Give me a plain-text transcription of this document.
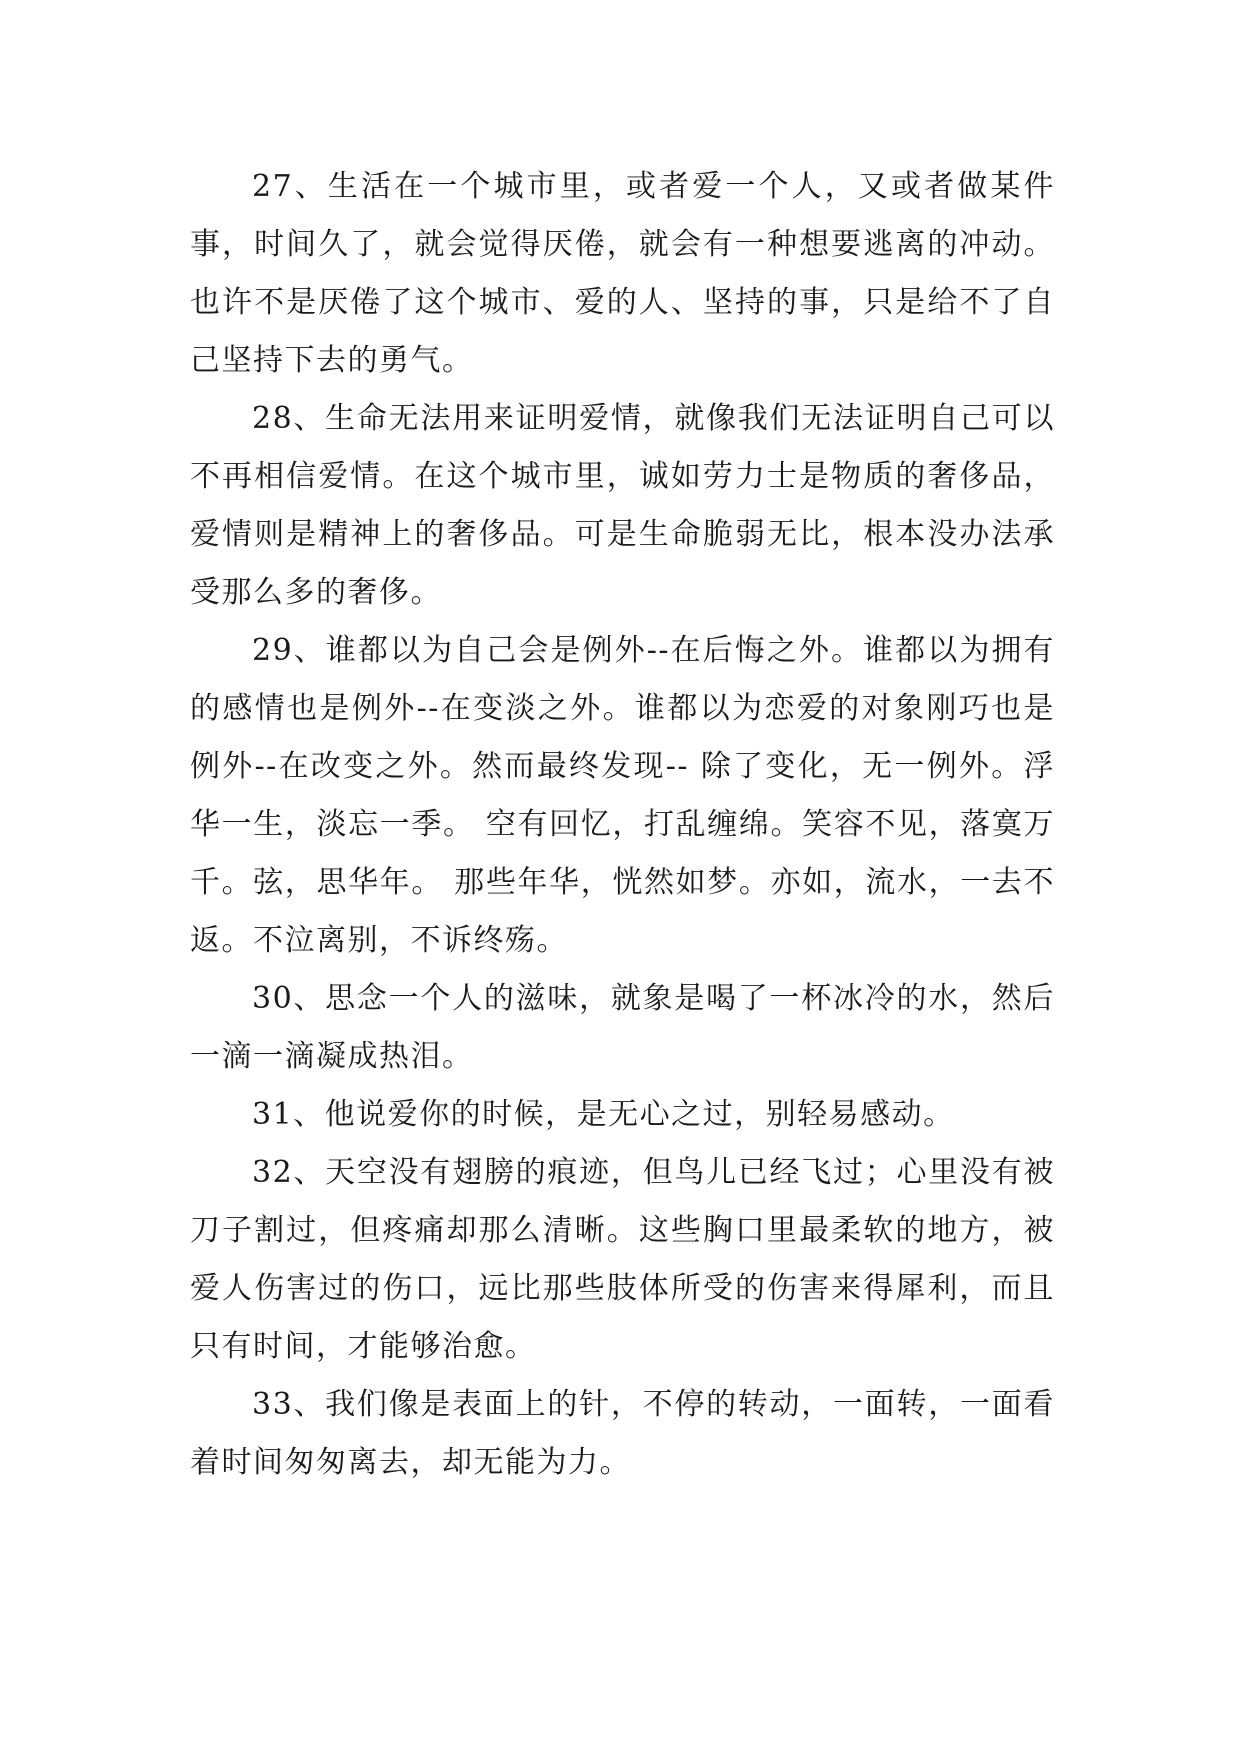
27、生活在一个城市里，或者爱一个人，又或者做某件事，时间久了，就会觉得厌倦，就会有一种想要逃离的冲动。也许不是厌倦了这个城市、爱的人、坚持的事，只是给不了自己坚持下去的勇气。

28、生命无法用来证明爱情，就像我们无法证明自己可以不再相信爱情。在这个城市里，诚如劳力士是物质的奢侈品，爱情则是精神上的奢侈品。可是生命脆弱无比，根本没办法承受那么多的奢侈。

29、谁都以为自己会是例外--在后悔之外。谁都以为拥有的感情也是例外--在变淡之外。谁都以为恋爱的对象刚巧也是例外--在改变之外。然而最终发现-- 除了变化，无一例外。浮华一生，淡忘一季。 空有回忆，打乱缠绵。笑容不见，落寞万千。弦，思华年。 那些年华，恍然如梦。亦如，流水，一去不返。不泣离别，不诉终殇。

30、思念一个人的滋味，就象是喝了一杯冰冷的水，然后一滴一滴凝成热泪。

31、他说爱你的时候，是无心之过，别轻易感动。

32、天空没有翅膀的痕迹，但鸟儿已经飞过；心里没有被刀子割过，但疼痛却那么清晰。这些胸口里最柔软的地方，被爱人伤害过的伤口，远比那些肢体所受的伤害来得犀利，而且只有时间，才能够治愈。

33、我们像是表面上的针，不停的转动，一面转，一面看着时间匆匆离去，却无能为力。
